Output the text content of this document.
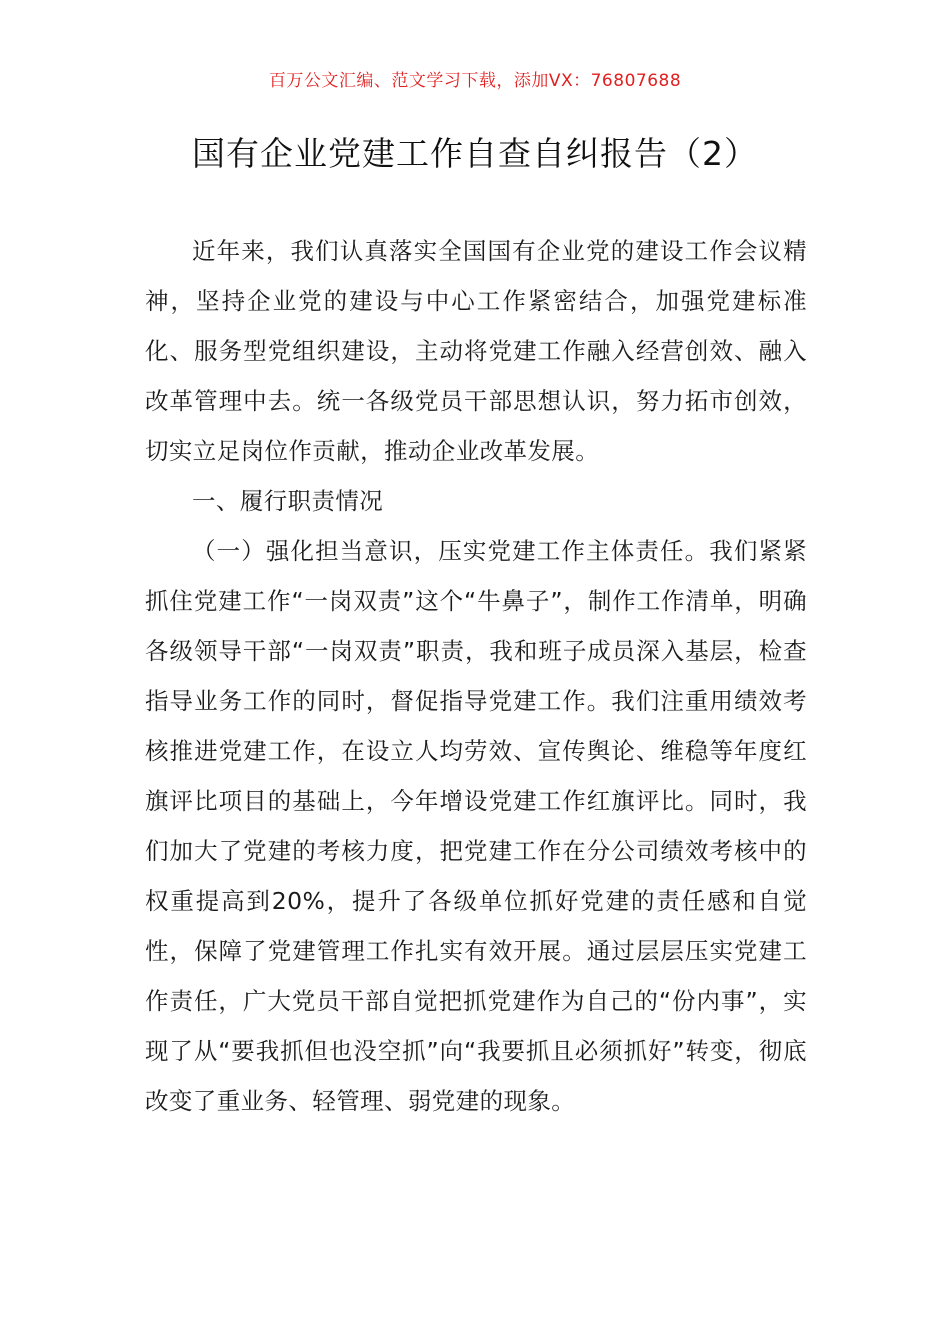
百万公文汇编、范文学习下载，添加VX：76807688
国有企业党建工作自查自纠报告（2）

近年来，我们认真落实全国国有企业党的建设工作会议精神，坚持企业党的建设与中心工作紧密结合，加强党建标准化、服务型党组织建设，主动将党建工作融入经营创效、融入改革管理中去。统一各级党员干部思想认识，努力拓市创效，切实立足岗位作贡献，推动企业改革发展。

一、履行职责情况

（一）强化担当意识，压实党建工作主体责任。我们紧紧抓住党建工作“一岗双责”这个“牛鼻子”，制作工作清单，明确各级领导干部“一岗双责”职责，我和班子成员深入基层，检查指导业务工作的同时，督促指导党建工作。我们注重用绩效考核推进党建工作，在设立人均劳效、宣传舆论、维稳等年度红旗评比项目的基础上，今年增设党建工作红旗评比。同时，我们加大了党建的考核力度，把党建工作在分公司绩效考核中的权重提高到20%，提升了各级单位抓好党建的责任感和自觉性，保障了党建管理工作扎实有效开展。通过层层压实党建工作责任，广大党员干部自觉把抓党建作为自己的“份内事”，实现了从“要我抓但也没空抓”向“我要抓且必须抓好”转变，彻底改变了重业务、轻管理、弱党建的现象。
